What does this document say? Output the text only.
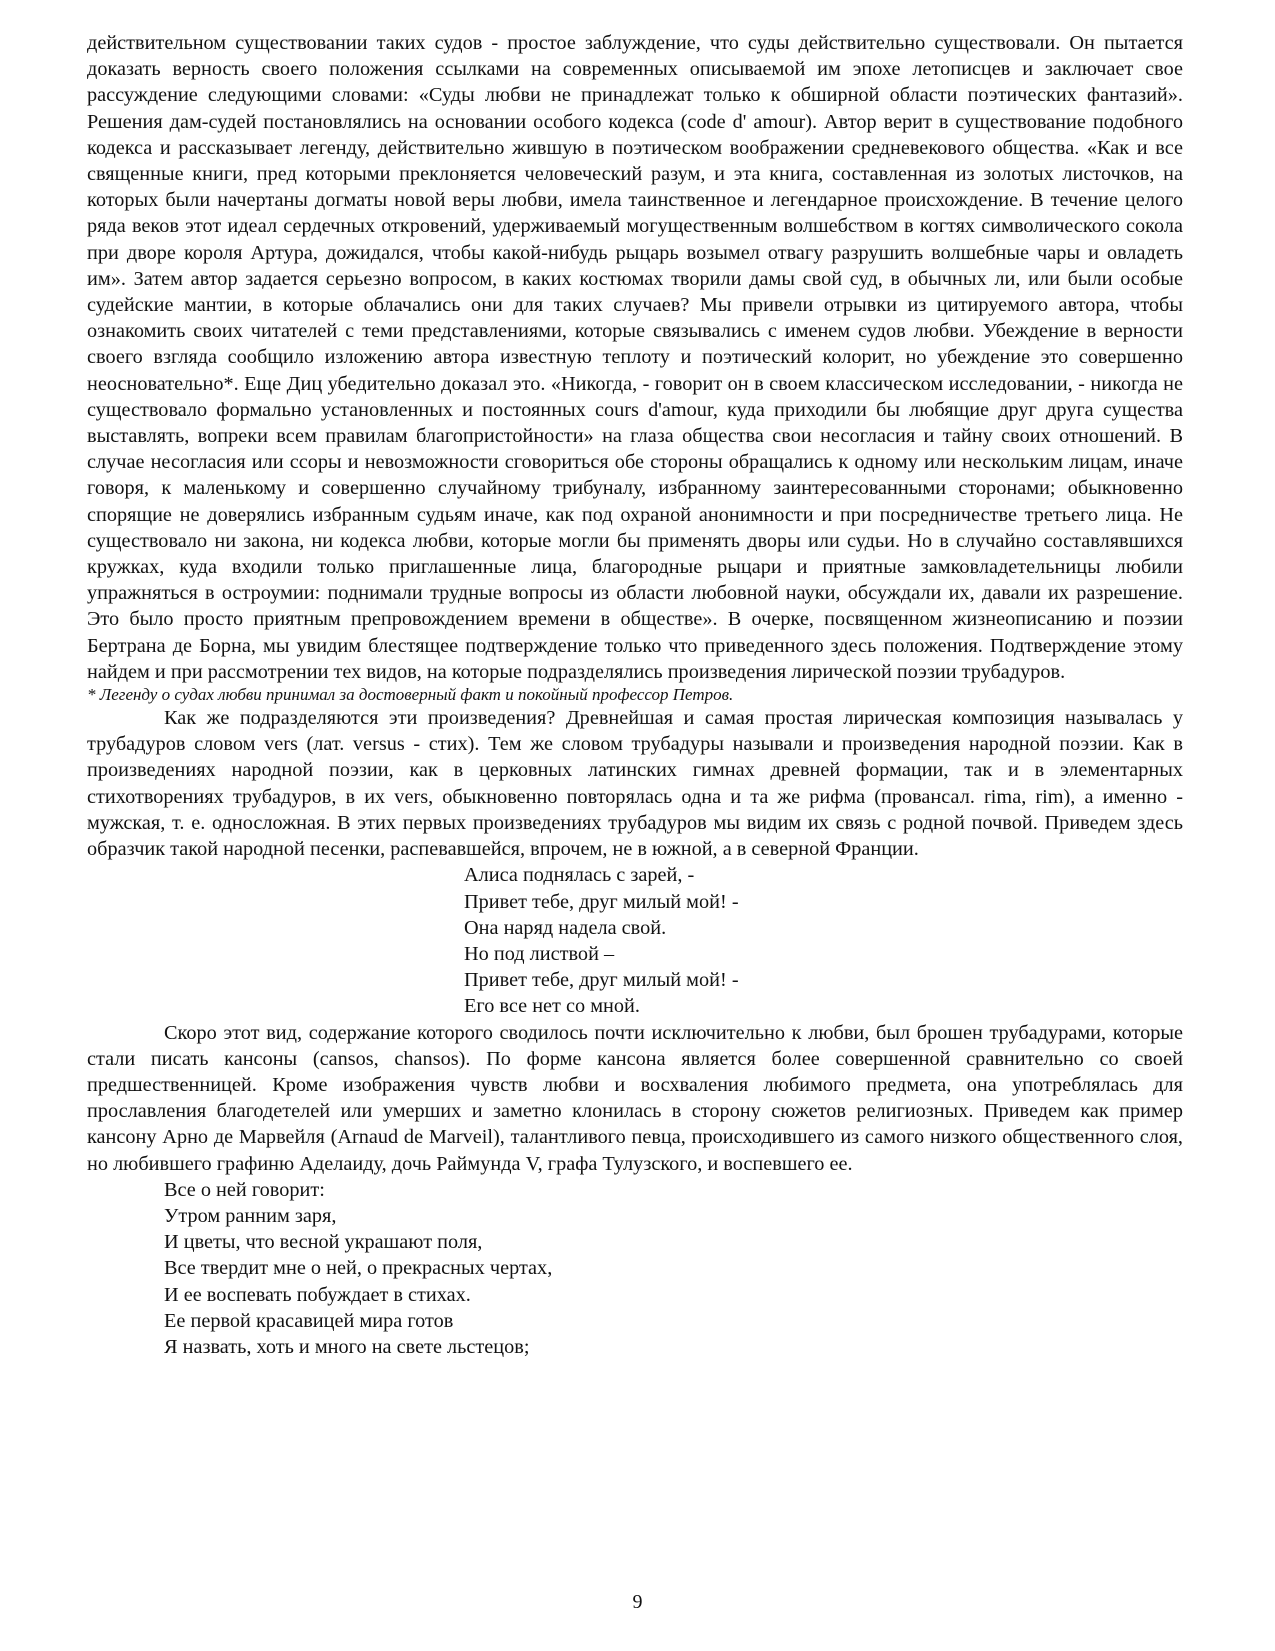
действительном существовании таких судов - простое заблуждение, что суды действительно существовали. Он пытается доказать верность своего положения ссылками на современных описываемой им эпохе летописцев и заключает свое рассуждение следующими словами: «Суды любви не принадлежат только к обширной области поэтических фантазий». Решения дам-судей постановлялись на основании особого кодекса (code d' amour). Автор верит в существование подобного кодекса и рассказывает легенду, действительно жившую в поэтическом воображении средневекового общества. «Как и все священные книги, пред которыми преклоняется человеческий разум, и эта книга, составленная из золотых листочков, на которых были начертаны догматы новой веры любви, имела таинственное и легендарное происхождение. В течение целого ряда веков этот идеал сердечных откровений, удерживаемый могущественным волшебством в когтях символического сокола при дворе короля Артура, дожидался, чтобы какой-нибудь рыцарь возымел отвагу разрушить волшебные чары и овладеть им». Затем автор задается серьезно вопросом, в каких костюмах творили дамы свой суд, в обычных ли, или были особые судейские мантии, в которые облачались они для таких случаев? Мы привели отрывки из цитируемого автора, чтобы ознакомить своих читателей с теми представлениями, которые связывались с именем судов любви. Убеждение в верности своего взгляда сообщило изложению автора известную теплоту и поэтический колорит, но убеждение это совершенно неосновательно*. Еще Диц убедительно доказал это. «Никогда, - говорит он в своем классическом исследовании, - никогда не существовало формально установленных и постоянных cours d'amour, куда приходили бы любящие друг друга существа выставлять, вопреки всем правилам благопристойности» на глаза общества свои несогласия и тайну своих отношений. В случае несогласия или ссоры и невозможности сговориться обе стороны обращались к одному или нескольким лицам, иначе говоря, к маленькому и совершенно случайному трибуналу, избранному заинтересованными сторонами; обыкновенно спорящие не доверялись избранным судьям иначе, как под охраной анонимности и при посредничестве третьего лица. Не существовало ни закона, ни кодекса любви, которые могли бы применять дворы или судьи. Но в случайно составлявшихся кружках, куда входили только приглашенные лица, благородные рыцари и приятные замковладетельницы любили упражняться в остроумии: поднимали трудные вопросы из области любовной науки, обсуждали их, давали их разрешение. Это было просто приятным препровождением времени в обществе». В очерке, посвященном жизнеописанию и поэзии Бертрана де Борна, мы увидим блестящее подтверждение только что приведенного здесь положения. Подтверждение этому найдем и при рассмотрении тех видов, на которые подразделялись произведения лирической поэзии трубадуров.

* Легенду о судах любви принимал за достоверный факт и покойный профессор Петров.

Как же подразделяются эти произведения? Древнейшая и самая простая лирическая композиция называлась у трубадуров словом vers (лат. versus - стих). Тем же словом трубадуры называли и произведения народной поэзии. Как в произведениях народной поэзии, как в церковных латинских гимнах древней формации, так и в элементарных стихотворениях трубадуров, в их vers, обыкновенно повторялась одна и та же рифма (провансал. rima, rim), а именно - мужская, т. е. односложная. В этих первых произведениях трубадуров мы видим их связь с родной почвой. Приведем здесь образчик такой народной песенки, распевавшейся, впрочем, не в южной, а в северной Франции.

Алиса поднялась с зарей, -
Привет тебе, друг милый мой! -
Она наряд надела свой.
Но под листвой –
Привет тебе, друг милый мой! -
Его все нет со мной.

Скоро этот вид, содержание которого сводилось почти исключительно к любви, был брошен трубадурами, которые стали писать кансоны (cansos, chansos). По форме кансона является более совершенной сравнительно со своей предшественницей. Кроме изображения чувств любви и восхваления любимого предмета, она употреблялась для прославления благодетелей или умерших и заметно клонилась в сторону сюжетов религиозных. Приведем как пример кансону Арно де Марвейля (Arnaud de Marveil), талантливого певца, происходившего из самого низкого общественного слоя, но любившего графиню Аделаиду, дочь Раймунда V, графа Тулузского, и воспевшего ее.

Все о ней говорит:
Утром ранним заря,
И цветы, что весной украшают поля,
Все твердит мне о ней, о прекрасных чертах,
И ее воспевать побуждает в стихах.
Ее первой красавицей мира готов
Я назвать, хоть и много на свете льстецов;
9
